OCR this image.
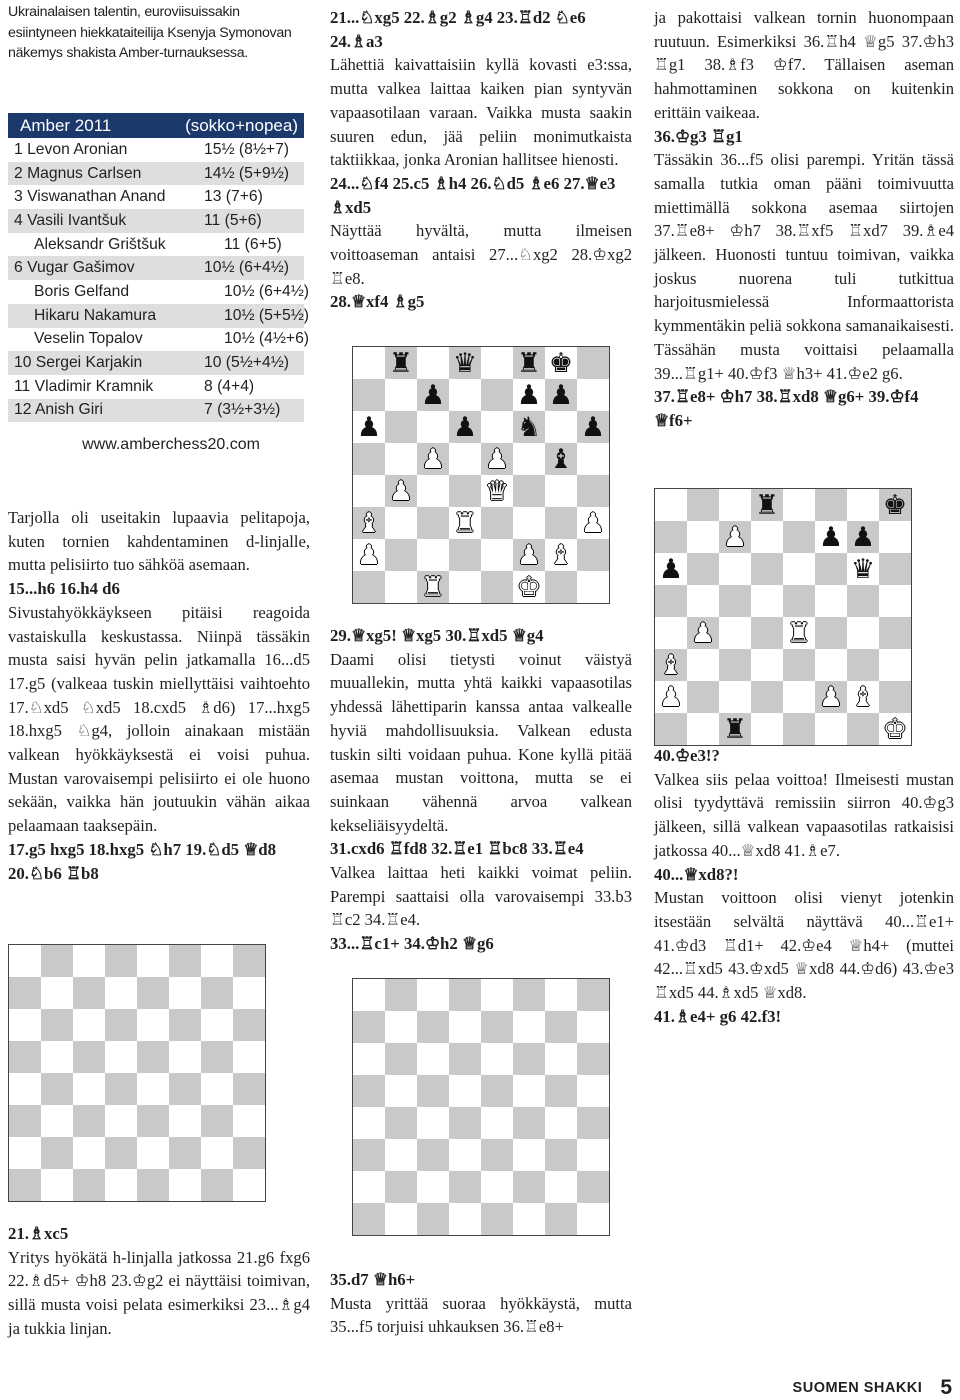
Ukrainalaisen talentin, euroviisuissakin esiintyneen hiekkataiteilija Ksenyja Symonovan näkemys shakista Amber-turnauksessa.
Amber 2011	(sokko+nopea)
1 Levon Aronian	15½ (8½+7)
2 Magnus Carlsen	14½ (5+9½)
3 Viswanathan Anand	13 (7+6)
4 Vasili Ivantšuk	11 (5+6)
Aleksandr Grištšuk	11 (6+5)
6 Vugar Gašimov	10½ (6+4½)
Boris Gelfand	10½ (6+4½)
Hikaru Nakamura	10½ (5+5½)
Veselin Topalov	10½ (4½+6)
10 Sergei Karjakin	10 (5½+4½)
11 Vladimir Kramnik	8 (4+4)
12 Anish Giri	7 (3½+3½)
www.amberchess20.com

Tarjolla oli useitakin lupaavia pelitapoja, kuten tornien kahdentaminen d-linjalle, mutta pelisiirto tuo sähköä asemaan.

15...h6 16.h4 d6

Sivustahyökkäykseen pitäisi reagoida vastaiskulla keskustassa. Niinpä tässäkin musta saisi hyvän pelin jatkamalla 16...d5 17.g5 (valkeaa tuskin miellyttäisi vaihtoehto 17.♘xd5 ♘xd5 18.cxd5 ♗d6) 17...hxg5 18.hxg5 ♘g4, jolloin ainakaan mistään valkean hyökkäyksestä ei voisi puhua. Mustan varovaisempi pelisiirto ei ole huono sekään, vaikka hän joutuukin vähän aikaa pelaamaan taaksepäin.

17.g5 hxg5 18.hxg5 ♘h7 19.♘d5 ♕d8 20.♘b6 ♖b8

21.♗xc5

Yritys hyökätä h-linjalla jatkossa 21.g6 fxg6 22.♗d5+ ♔h8 23.♔g2 ei näyttäisi toimivan, sillä musta voisi pelata esimerkiksi 23...♗g4 ja tukkia linjan.

21...♘xg5 22.♗g2 ♗g4 23.♖d2 ♘e6 24.♗a3

Lähettiä kaivattaisiin kyllä kovasti e3:ssa, mutta valkea laittaa kaiken pian syntyvän vapaasotilaan varaan. Vaikka musta saakin suuren edun, jää peliin monimutkaista taktiikkaa, jonka Aronian hallitsee hienosti.

24...♘f4 25.c5 ♗h4 26.♘d5 ♗e6 27.♕e3 ♗xd5

Näyttää hyvältä, mutta ilmeisen voittoaseman antaisi 27...♘xg2 28.♔xg2 ♖e8.

28.♕xf4 ♗g5

♜ ♛ ♜ ♚
♟	♟ ♟
♟	♟ ♞ ♟
♟ ♟ ♝
♟	♛
♝	♜	♟
♟	♟ ♝
♜	♚

29.♕xg5! ♕xg5 30.♖xd5 ♕g4

Daami olisi tietysti voinut väistyä muuallekin, mutta yhtä kaikki vapaasotilas yhdessä lähettiparin kanssa antaa valkealle hyviä mahdollisuuksia. Valkean edusta tuskin silti voidaan puhua. Kone kyllä pitää asemaa mustan voittona, mutta se ei suinkaan vähennä arvoa valkean kekseliäisyydeltä.

31.cxd6 ♖fd8 32.♖e1 ♖bc8 33.♖e4

Valkea laittaa heti kaikki voimat peliin. Parempi saattaisi olla varovaisempi 33.b3 ♖c2 34.♖e4.

33...♖c1+ 34.♔h2 ♕g6

35.d7 ♕h6+

Musta yrittää suoraa hyökkäystä, mutta 35...f5 torjuisi uhkauksen 36.♖e8+

ja pakottaisi valkean tornin huonompaan ruutuun. Esimerkiksi 36.♖h4 ♕g5 37.♔h3 ♖g1 38.♗f3 ♔f7. Tällaisen aseman hahmottaminen sokkona on kuitenkin erittäin vaikeaa.

36.♔g3 ♖g1

Tässäkin 36...f5 olisi parempi. Yritän tässä samalla tutkia oman pääni toimivuutta miettimällä sokkona asemaa siirtojen 37.♖e8+ ♔h7 38.♖xf5 ♖xd7 39.♗e4 jälkeen. Huonosti tuntuu toimivan, vaikka joskus nuorena tuli tutkittua harjoitusmielessä Informaattorista kymmentäkin peliä sokkona samanaikaisesti. Tässähän musta voittaisi pelaamalla 39...♖g1+ 40.♔f3 ♕h3+ 41.♔e2 g6.

37.♖e8+ ♔h7 38.♖xd8 ♕g6+ 39.♔f4 ♕f6+

♜	♚
♟	♟ ♟
♟	♛
♟	♜
♝
♟	♟ ♝
♜	♚

40.♔e3!?

Valkea siis pelaa voittoa! Ilmeisesti mustan olisi tyydyttävä remissiin siirron 40.♔g3 jälkeen, sillä valkean vapaasotilas ratkaisisi jatkossa 40...♕xd8 41.♗e7.

40...♕xd8?!

Mustan voittoon olisi vienyt jotenkin itsestään selvältä näyttävä 40...♖e1+ 41.♔d3 ♖d1+ 42.♔e4 ♕h4+ (muttei 42...♖xd5 43.♔xd5 ♕xd8 44.♔d6) 43.♔e3 ♖xd5 44.♗xd5 ♕xd8.

41.♗e4+ g6 42.f3!

SUOMEN SHAKKI 5
